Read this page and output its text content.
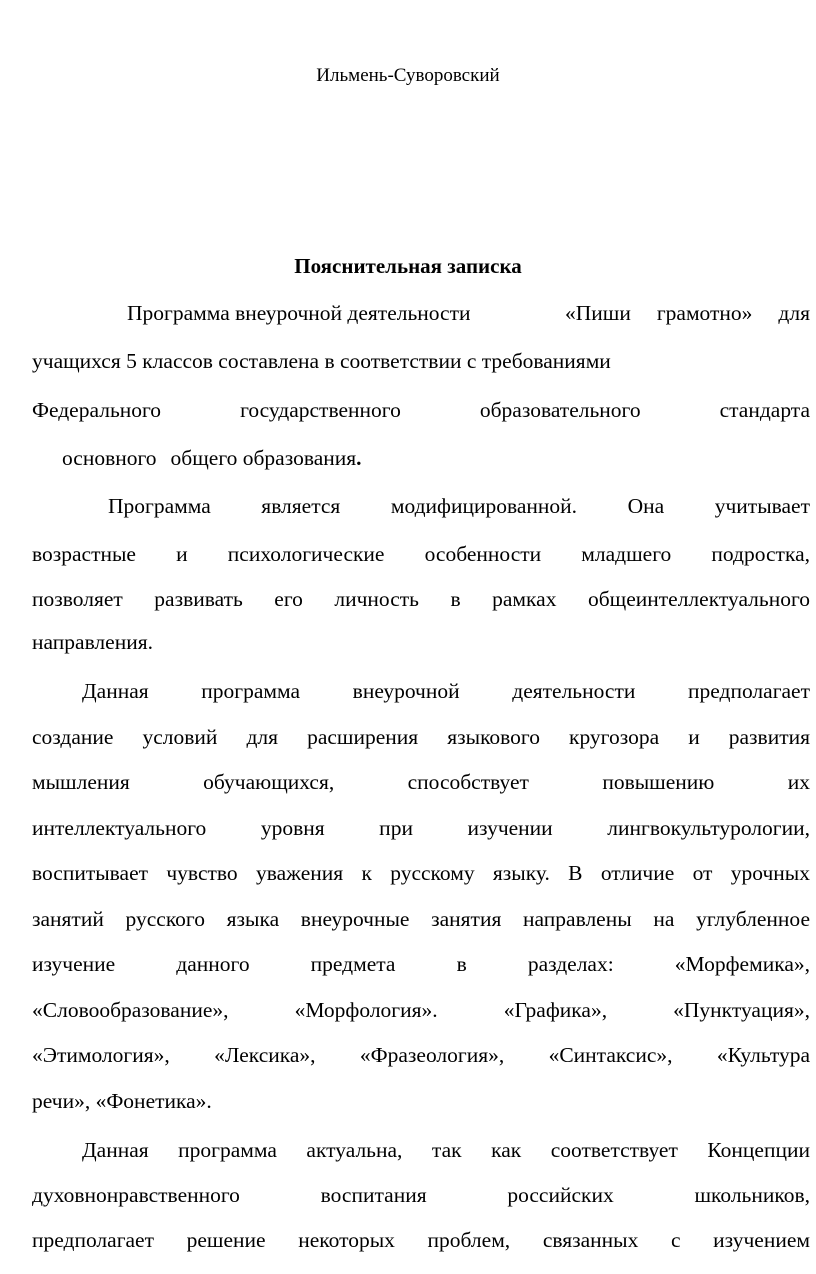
Ильмень-Суворовский
Пояснительная записка
Программа внеурочной деятельности	«Пиши грамотно» для
учащихся 5 классов составлена в соответствии с требованиями
Федерального государственного образовательного стандарта
основного общего образования.
Программа является модифицированной. Она учитывает
возрастные и психологические особенности младшего подростка,
позволяет развивать его личность в рамках общеинтеллектуального
направления.
Данная программа внеурочной деятельности предполагает
создание условий для расширения языкового кругозора и развития
мышления обучающихся, способствует повышению их
интеллектуального уровня при изучении лингвокультурологии,
воспитывает чувство уважения к русскому языку. В отличие от урочных
занятий русского языка внеурочные занятия направлены на углубленное
изучение данного предмета в разделах: «Морфемика»,
«Словообразование», «Морфология». «Графика», «Пунктуация»,
«Этимология», «Лексика», «Фразеология», «Синтаксис», «Культура
речи», «Фонетика».
Данная программа актуальна, так как соответствует Концепции
духовнонравственного воспитания российских школьников,
предполагает решение некоторых проблем, связанных с изучением
